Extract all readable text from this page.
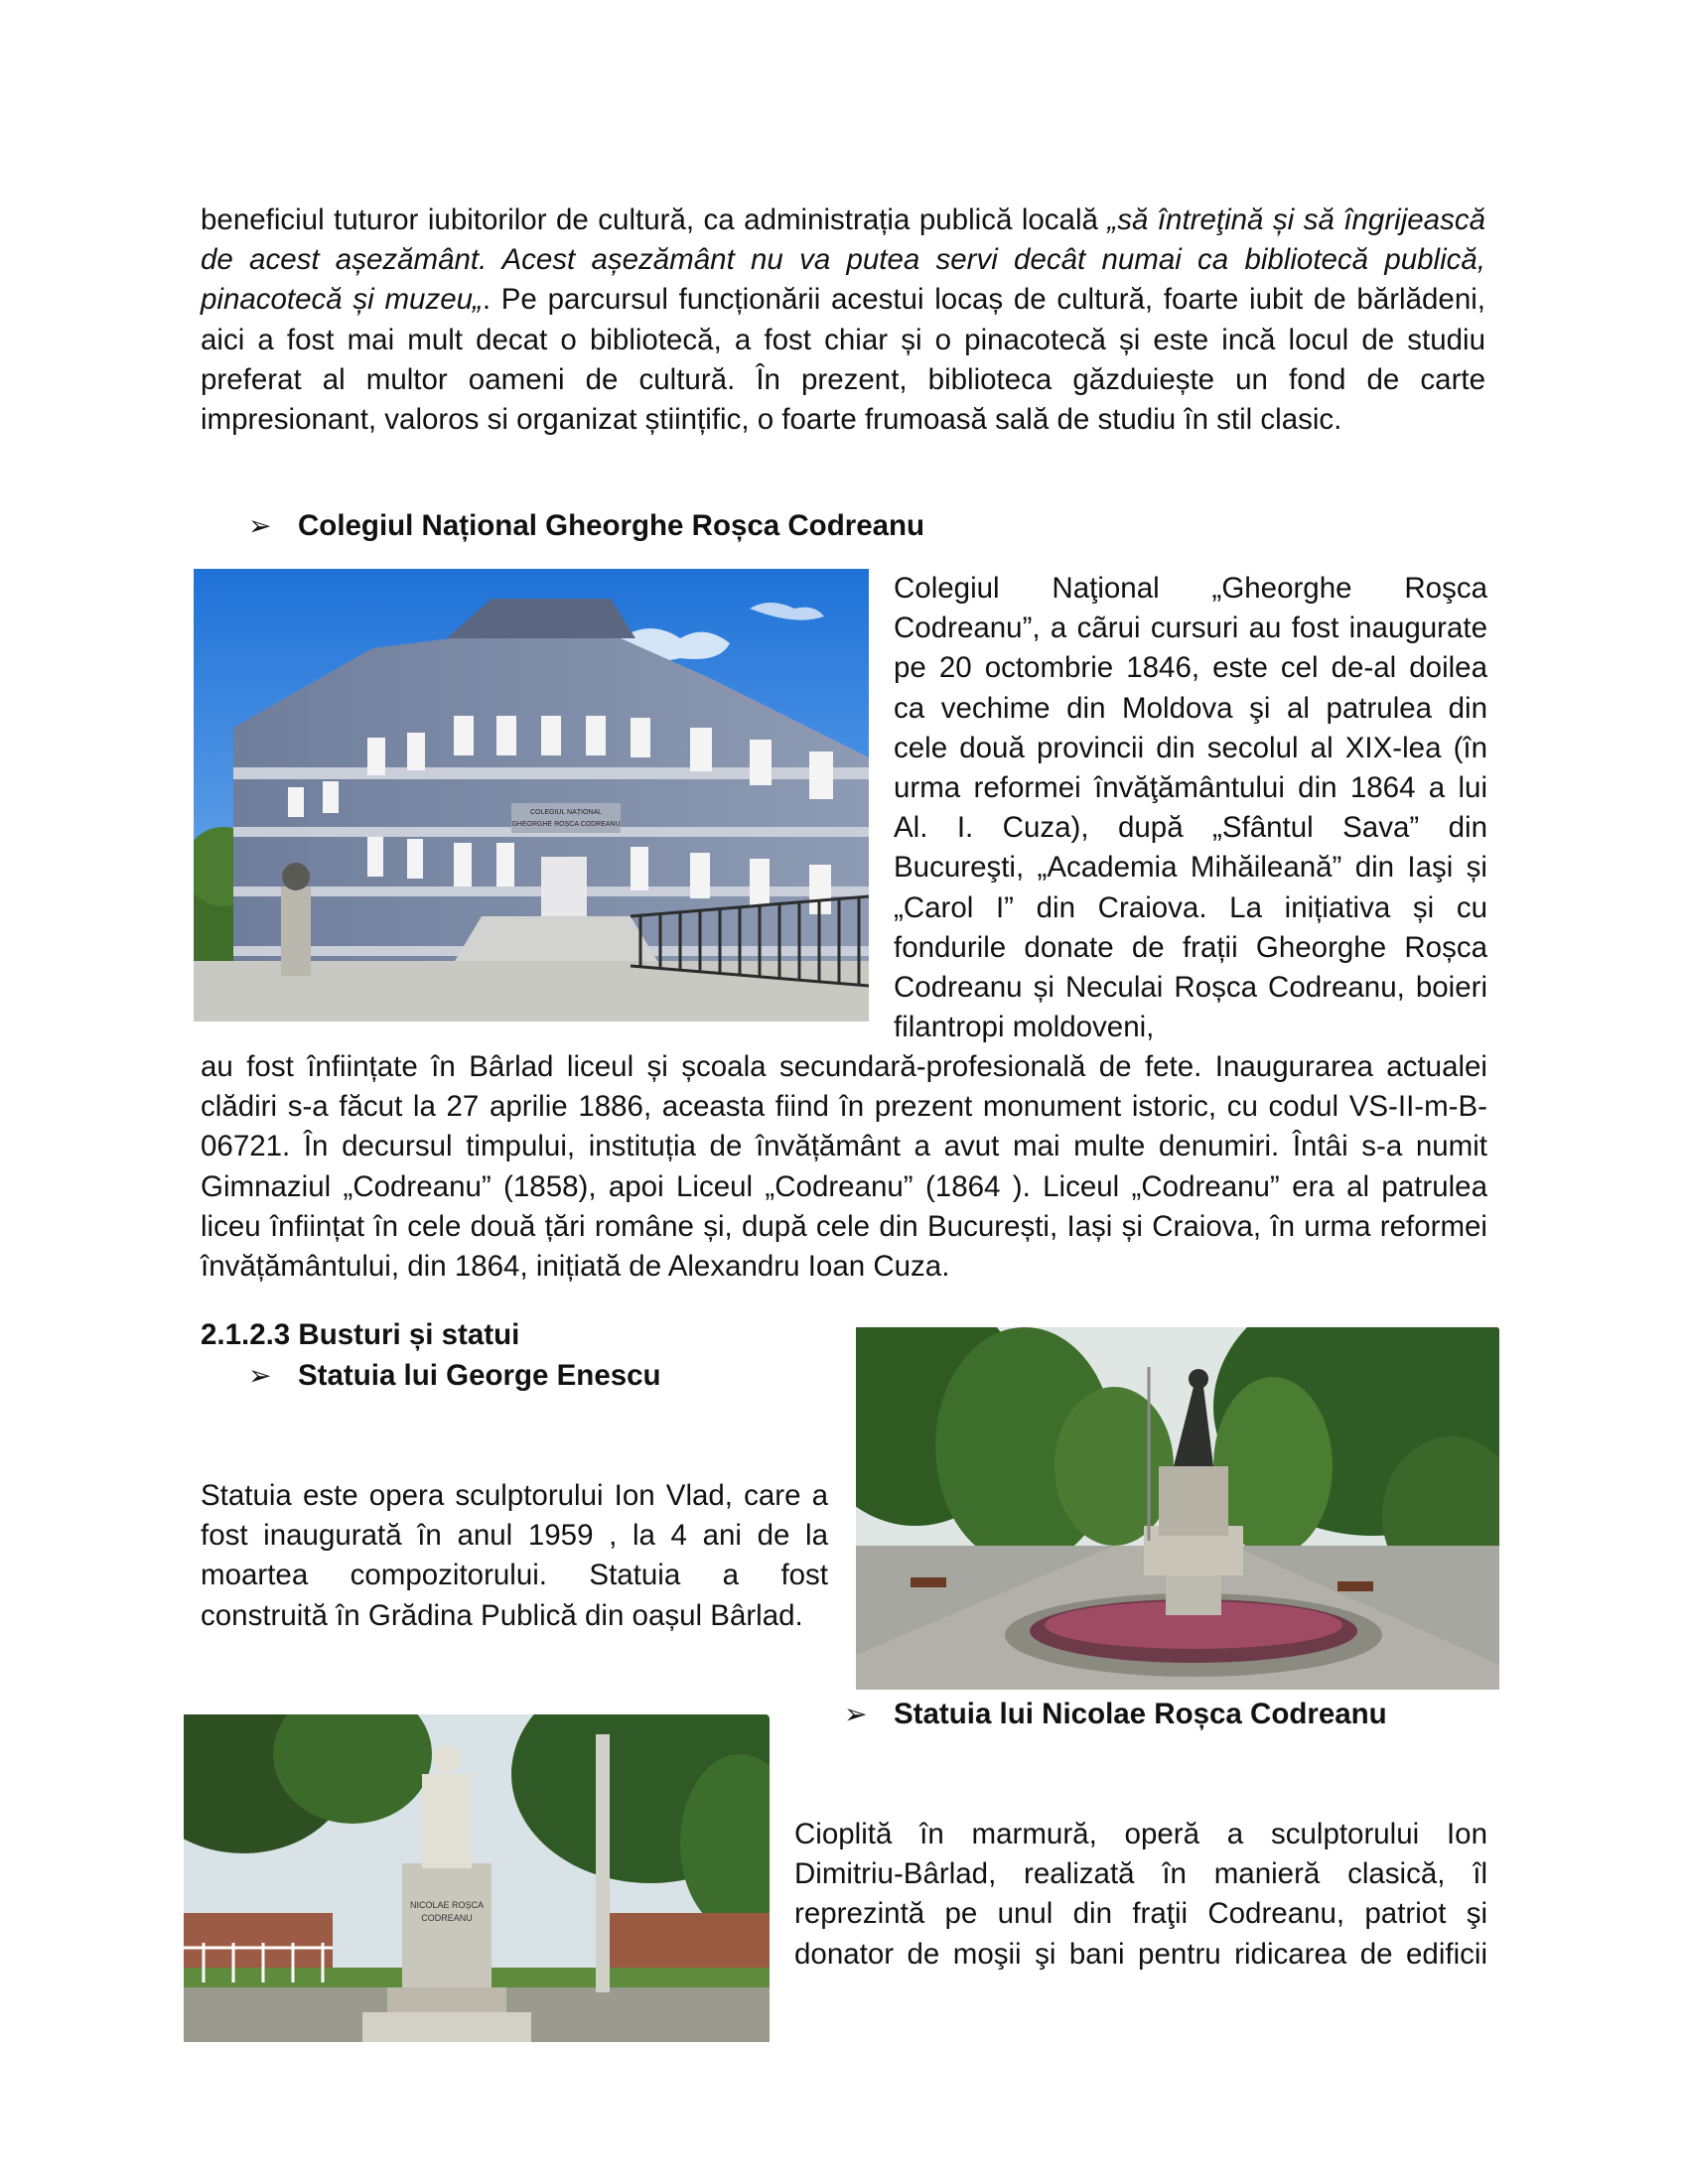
beneficiul tuturor iubitorilor de cultură, ca administrația publică locală „să întreţină și să îngrijească de acest așezământ. Acest așezământ nu va putea servi decât numai ca bibliotecă publică, pinacotecă și muzeu„. Pe parcursul funcționării acestui locaș de cultură, foarte iubit de bărlădeni, aici a fost mai mult decat o bibliotecă, a fost chiar și o pinacotecă și este incă locul de studiu preferat al multor oameni de cultură. În prezent, biblioteca găzduiește un fond de carte impresionant, valoros si organizat științific, o foarte frumoasă sală de studiu în stil clasic.

➢ Colegiul Național Gheorghe Roșca Codreanu
COLEGIUL NAȚIONAL
GHEORGHE ROȘCA CODREANU

Colegiul Naţional „Gheorghe Roşca Codreanu”, a cãrui cursuri au fost inaugurate pe 20 octombrie 1846, este cel de-al doilea ca vechime din Moldova şi al patrulea din cele două provincii din secolul al XIX-lea (în urma reformei învăţământului din 1864 a lui Al. I. Cuza), după „Sfântul Sava” din Bucureşti, „Academia Mihăileană” din Iaşi și „Carol I” din Craiova. La inițiativa și cu fondurile donate de frații Gheorghe Roșca Codreanu și Neculai Roșca Codreanu, boieri filantropi moldoveni,

au fost înființate în Bârlad liceul și școala secundară-profesională de fete. Inaugurarea actualei clădiri s-a făcut la 27 aprilie 1886, aceasta fiind în prezent monument istoric, cu codul VS-II-m-B-06721. În decursul timpului, instituția de învățământ a avut mai multe denumiri. Întâi s-a numit Gimnaziul „Codreanu” (1858), apoi Liceul „Codreanu” (1864 ). Liceul „Codreanu” era al patrulea liceu înființat în cele două țări române și, după cele din București, Iași și Craiova, în urma reformei învățământului, din 1864, inițiată de Alexandru Ioan Cuza.

2.1.2.3 Busturi și statui
➢ Statuia lui George Enescu
Statuia este opera sculptorului Ion Vlad, care a
fost inaugurată în anul 1959 , la 4 ani de la
moartea compozitorului. Statuia a fost
construită în Grădina Publică din oașul Bârlad.
NICOLAE ROȘCA
CODREANU
➢ Statuia lui Nicolae Roșca Codreanu
Cioplită în marmură, operă a sculptorului Ion
Dimitriu-Bârlad, realizată în manieră clasică, îl
reprezintă pe unul din fraţii Codreanu, patriot şi
donator de moşii şi bani pentru ridicarea de edificii
